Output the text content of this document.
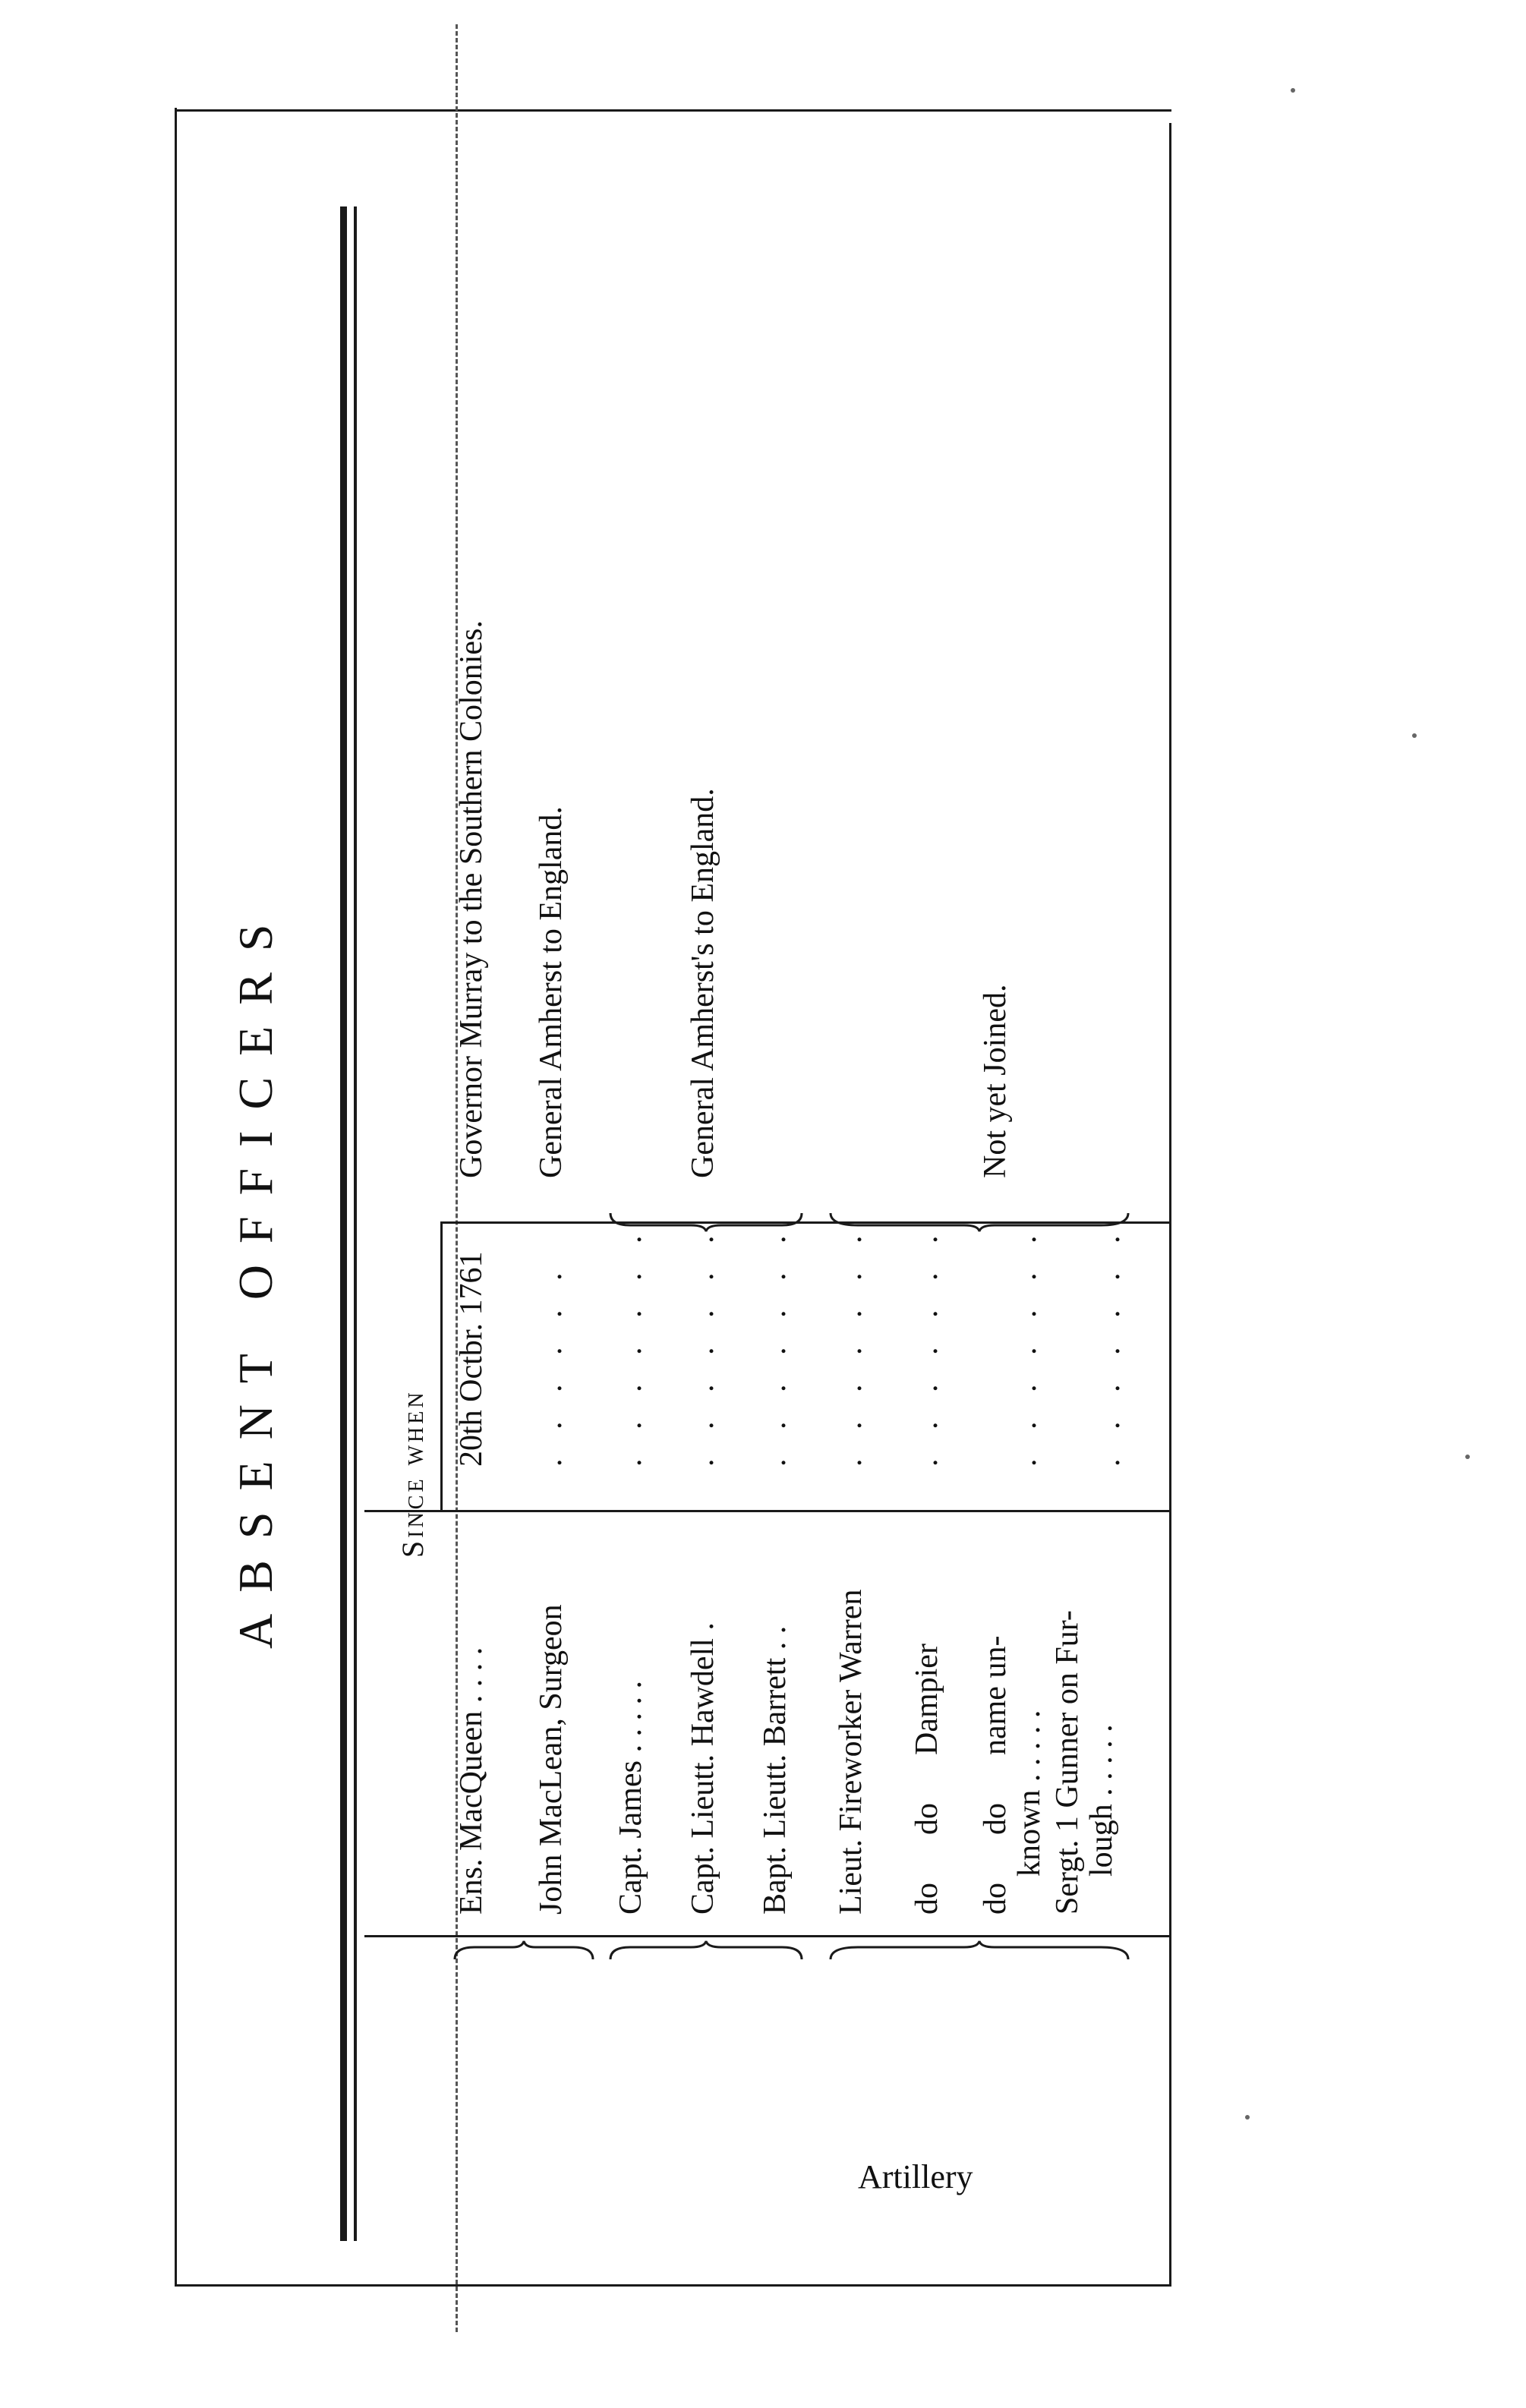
ABSENT OFFICERS	Since when
Ens. MacQueen . . . .
20th Octbr. 1761
Governor Murray to the Southern Colonies.
John MacLean, Surgeon
. . . . . .
General Amherst to England.
Capt. James . . . . .
. . . . . . .
Capt. Lieutt. Hawdell .
. . . . . . .
General Amherst's to England.
Bapt. Lieutt. Barrett . .
. . . . . . .
Lieut. Fireworker Warren
. . . . . . .
do      do      Dampier
. . . . . . .
Not yet Joined.
do      do      name un- known . . . . .
. . . . . . .
Sergt. 1 Gunner on Fur- lough . . . . .
. . . . . . .
Artillery
